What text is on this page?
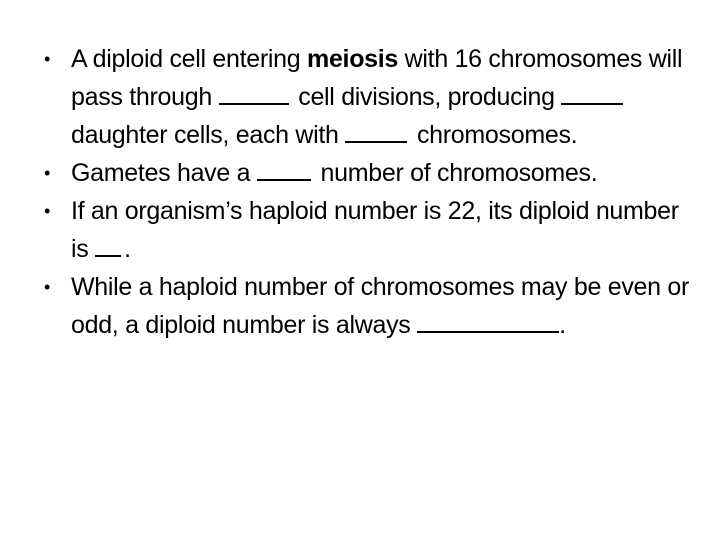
• A diploid cell entering meiosis with 16 chromosomes will pass through	cell divisions, producing  daughter cells, each with	chromosomes.
• Gametes have a  number of chromosomes.
• If an organism’s haploid number is 22, its diploid number is .
• While a haploid number of chromosomes may be even or odd, a diploid number is always	.
